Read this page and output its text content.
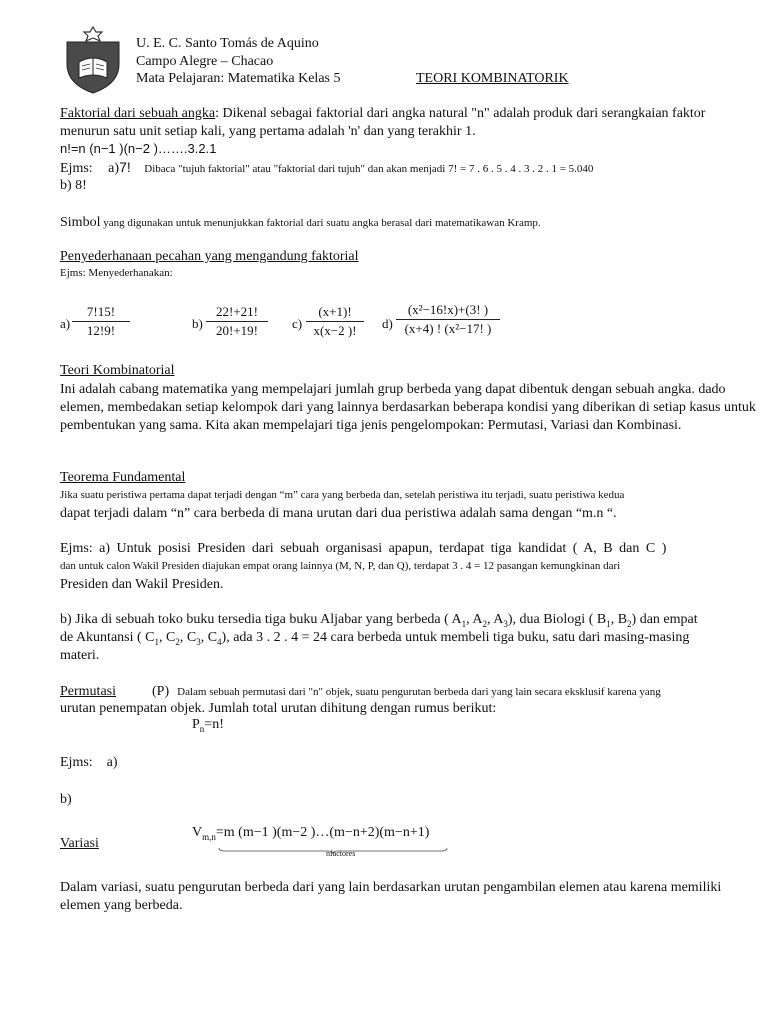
U. E. C. Santo Tomás de Aquino
Campo Alegre – Chacao
Mata Pelajaran: Matematika Kelas 5	TEORI KOMBINATORIK
Faktorial dari sebuah angka: Dikenal sebagai faktorial dari angka natural "n" adalah produk dari serangkaian faktor
menurun satu unit setiap kali, yang pertama adalah 'n' dan yang terakhir 1.
n!=n (n−1 )(n−2 )…….3.2.1
Ejms: a)7! Dibaca "tujuh faktorial" atau "faktorial dari tujuh" dan akan menjadi 7! = 7 . 6 . 5 . 4 . 3 . 2 . 1 = 5.040
b) 8!
Simbol yang digunakan untuk menunjukkan faktorial dari suatu angka berasal dari matematikawan Kramp.
Penyederhanaan pecahan yang mengandung faktorial
Ejms: Menyederhanakan:
$a) \frac{7!15!}{12!9!}$	$b) \frac{22!+21!}{20!+19!} c) \frac{(x+1)!}{x(x-2 )!} d) \frac{\text{(x²−16!x)+(3! )}}{\text{(x+4) ! (x²−17! )}}$
Teori Kombinatorial
Ini adalah cabang matematika yang mempelajari jumlah grup berbeda yang dapat dibentuk dengan sebuah angka. dado elemen, membedakan setiap kelompok dari yang lainnya berdasarkan beberapa kondisi yang diberikan di setiap kasus untuk pembentukan yang sama. Kita akan mempelajari tiga jenis pengelompokan: Permutasi, Variasi dan Kombinasi.
Teorema Fundamental
Jika suatu peristiwa pertama dapat terjadi dengan “m” cara yang berbeda dan, setelah peristiwa itu terjadi, suatu peristiwa kedua
dapat terjadi dalam “n” cara berbeda di mana urutan dari dua peristiwa adalah sama dengan “m.n “.
Ejms: a) Untuk posisi Presiden dari sebuah organisasi apapun, terdapat tiga kandidat ( A, B dan C )
dan untuk calon Wakil Presiden diajukan empat orang lainnya (M, N, P, dan Q), terdapat 3 . 4 = 12 pasangan kemungkinan dari
Presiden dan Wakil Presiden.
b) Jika di sebuah toko buku tersedia tiga buku Aljabar yang berbeda ( $A_1$, $A_2$, $A_3$), dua Biologi ( $B_1$, $B_2$) dan empat
de Akuntansi ( $C_1$, $C_2$, $C_3$, $C_4$), ada 3 . 2 . 4 = 24 cara berbeda untuk membeli tiga buku, satu dari masing-masing
materi.
Permutasi	(P) Dalam sebuah permutasi dari "n" objek, suatu pengurutan berbeda dari yang lain secara eksklusif karena yang
urutan penempatan objek. Jumlah total urutan dihitung dengan rumus berikut:
$P_n=n$!
Ejms: a)
b)
$V_{m,n}=m$ (m−1 )(m−2 )…(m−n+2)(m−n+1)
nfactores
Variasi
Dalam variasi, suatu pengurutan berbeda dari yang lain berdasarkan urutan pengambilan elemen atau karena memiliki elemen yang berbeda.
